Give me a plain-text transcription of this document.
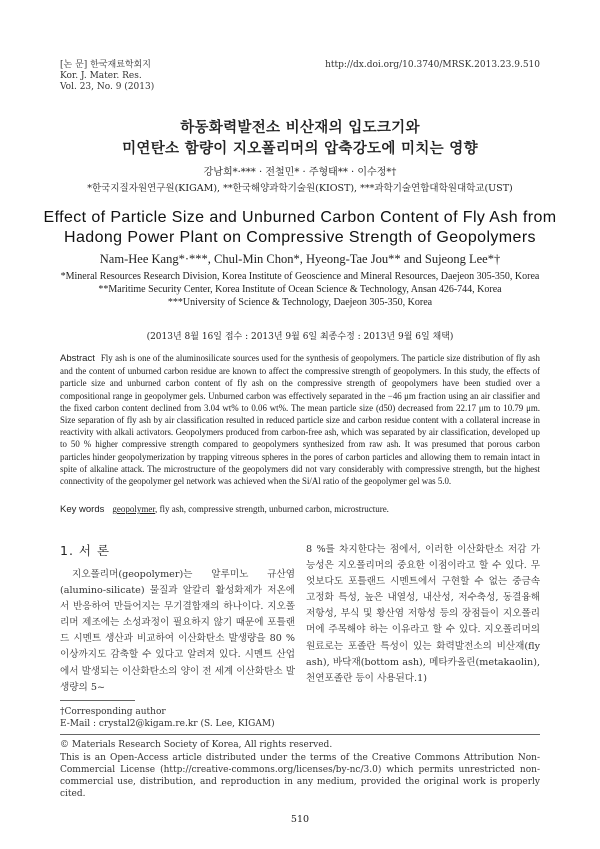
[논 문] 한국재료학회지
Kor. J. Mater. Res.
Vol. 23, No. 9 (2013)
http://dx.doi.org/10.3740/MRSK.2013.23.9.510
하동화력발전소 비산재의 입도크기와
미연탄소 함량이 지오폴리머의 압축강도에 미치는 영향
강남희*·*** · 전철민* · 주형태** · 이수정*†
*한국지질자원연구원(KIGAM), **한국해양과학기술원(KIOST), ***과학기술연합대학원대학교(UST)
Effect of Particle Size and Unburned Carbon Content of Fly Ash from
Hadong Power Plant on Compressive Strength of Geopolymers
Nam-Hee Kang*·***, Chul-Min Chon*, Hyeong-Tae Jou** and Sujeong Lee*†
*Mineral Resources Research Division, Korea Institute of Geoscience and Mineral Resources, Daejeon 305-350, Korea
**Maritime Security Center, Korea Institute of Ocean Science & Technology, Ansan 426-744, Korea
***University of Science & Technology, Daejeon 305-350, Korea
(2013년 8월 16일 접수 : 2013년 9월 6일 최종수정 : 2013년 9월 6일 채택)
Abstract Fly ash is one of the aluminosilicate sources used for the synthesis of geopolymers. The particle size distribution of fly ash and the content of unburned carbon residue are known to affect the compressive strength of geopolymers. In this study, the effects of particle size and unburned carbon content of fly ash on the compressive strength of geopolymers have been studied over a compositional range in geopolymer gels. Unburned carbon was effectively separated in the −46 μm fraction using an air classifier and the fixed carbon content declined from 3.04 wt% to 0.06 wt%. The mean particle size (d50) decreased from 22.17 μm to 10.79 μm. Size separation of fly ash by air classification resulted in reduced particle size and carbon residue content with a collateral increase in reactivity with alkali activators. Geopolymers produced from carbon-free ash, which was separated by air classification, developed up to 50 % higher compressive strength compared to geopolymers synthesized from raw ash. It was presumed that porous carbon particles hinder geopolymerization by trapping vitreous spheres in the pores of carbon particles and allowing them to remain intact in spite of alkaline attack. The microstructure of the geopolymers did not vary considerably with compressive strength, but the highest connectivity of the geopolymer gel network was achieved when the Si/Al ratio of the geopolymer gel was 5.0.
Key words geopolymer, fly ash, compressive strength, unburned carbon, microstructure.
1. 서 론
지오폴리머(geopolymer)는 알루미노 규산염(alumino-silicate) 물질과 알칼리 활성화제가 저온에서 반응하여 만들어지는 무기결합재의 하나이다. 지오폴리머 제조에는 소성과정이 필요하지 않기 때문에 포틀랜드 시멘트 생산과 비교하여 이산화탄소 발생량을 80 % 이상까지도 감축할 수 있다고 알려져 있다. 시멘트 산업에서 발생되는 이산화탄소의 양이 전 세계 이산화탄소 발생량의 5~
8 %를 차지한다는 점에서, 이러한 이산화탄소 저감 가능성은 지오폴리머의 중요한 이점이라고 할 수 있다. 무엇보다도 포틀랜드 시멘트에서 구현할 수 없는 중금속 고정화 특성, 높은 내열성, 내산성, 저수축성, 동결융해 저항성, 부식 및 황산염 저항성 등의 장점들이 지오폴리머에 주목해야 하는 이유라고 할 수 있다. 지오폴리머의 원료로는 포졸란 특성이 있는 화력발전소의 비산재(fly ash), 바닥재(bottom ash), 메타카올린(metakaolin), 천연포졸란 등이 사용된다.1)
†Corresponding author
E-Mail : crystal2@kigam.re.kr (S. Lee, KIGAM)
© Materials Research Society of Korea, All rights reserved.
This is an Open-Access article distributed under the terms of the Creative Commons Attribution Non-Commercial License (http://creative-commons.org/licenses/by-nc/3.0) which permits unrestricted non-commercial use, distribution, and reproduction in any medium, provided the original work is properly cited.
510
